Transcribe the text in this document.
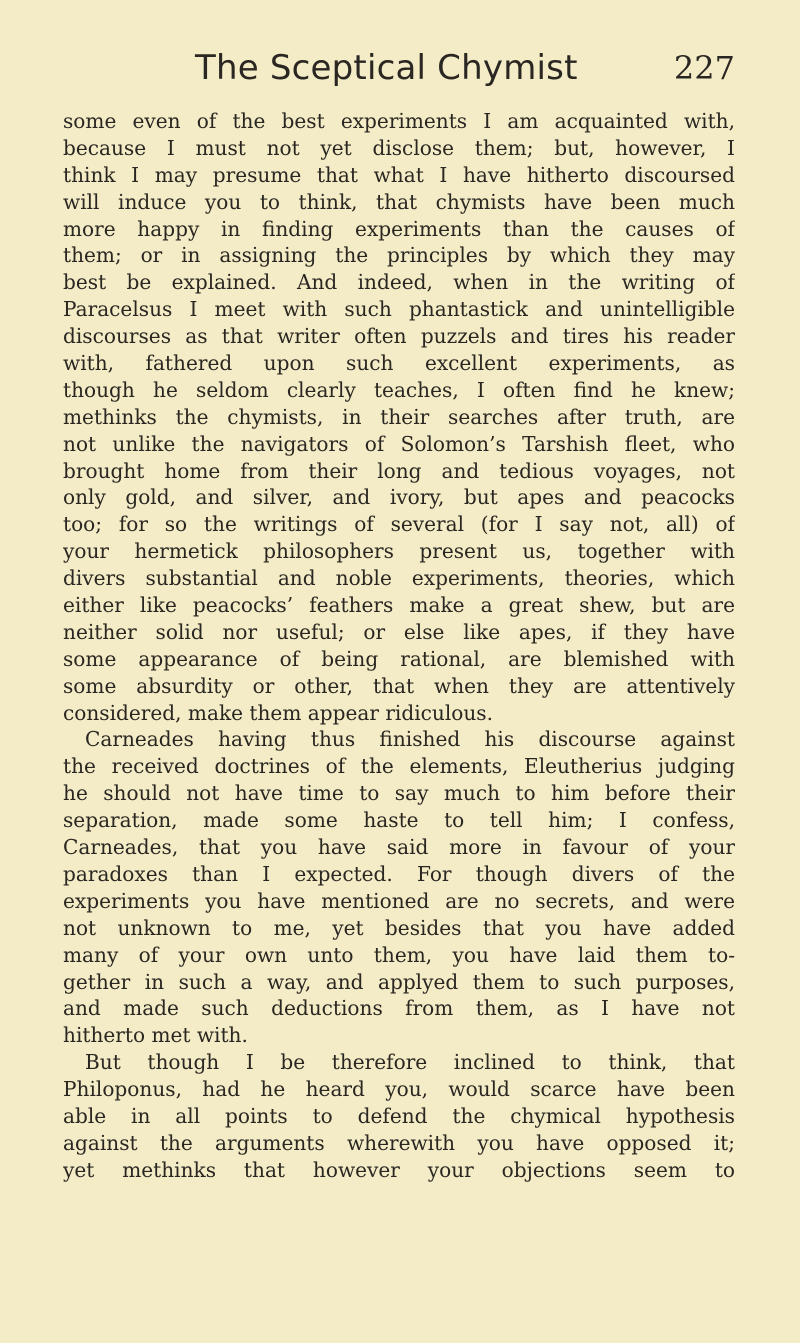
The Sceptical Chymist	227
some even of the best experiments I am acquainted with,
because I must not yet disclose them; but, however, I
think I may presume that what I have hitherto discoursed
will induce you to think, that chymists have been much
more happy in finding experiments than the causes of
them; or in assigning the principles by which they may
best be explained. And indeed, when in the writing of
Paracelsus I meet with such phantastick and unintelligible
discourses as that writer often puzzels and tires his reader
with, fathered upon such excellent experiments, as
though he seldom clearly teaches, I often find he knew;
methinks the chymists, in their searches after truth, are
not unlike the navigators of Solomon’s Tarshish fleet, who
brought home from their long and tedious voyages, not
only gold, and silver, and ivory, but apes and peacocks
too; for so the writings of several (for I say not, all) of
your hermetick philosophers present us, together with
divers substantial and noble experiments, theories, which
either like peacocks’ feathers make a great shew, but are
neither solid nor useful; or else like apes, if they have
some appearance of being rational, are blemished with
some absurdity or other, that when they are attentively
considered, make them appear ridiculous.
Carneades having thus finished his discourse against
the received doctrines of the elements, Eleutherius judging
he should not have time to say much to him before their
separation, made some haste to tell him; I confess,
Carneades, that you have said more in favour of your
paradoxes than I expected. For though divers of the
experiments you have mentioned are no secrets, and were
not unknown to me, yet besides that you have added
many of your own unto them, you have laid them to-
gether in such a way, and applyed them to such purposes,
and made such deductions from them, as I have not
hitherto met with.
But though I be therefore inclined to think, that
Philoponus, had he heard you, would scarce have been
able in all points to defend the chymical hypothesis
against the arguments wherewith you have opposed it;
yet methinks that however your objections seem to
